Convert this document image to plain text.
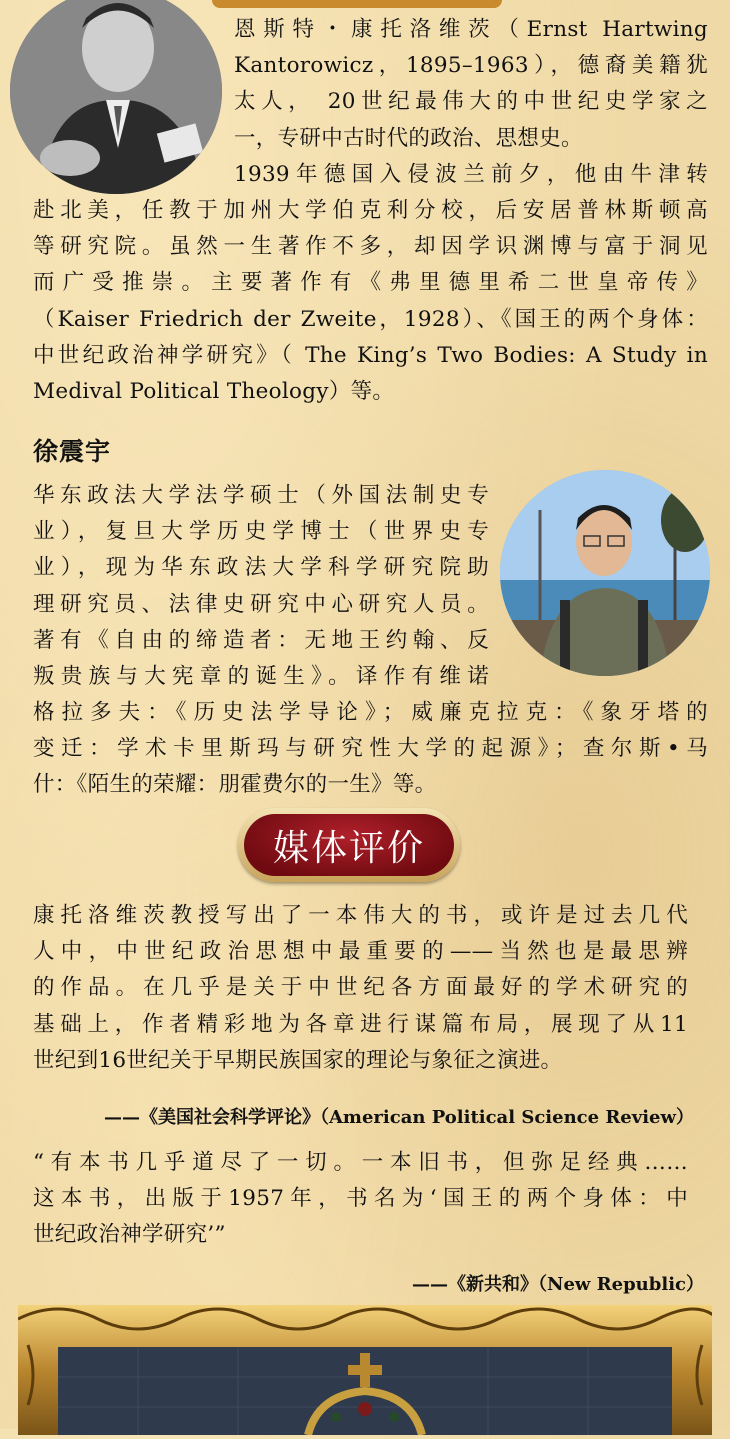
恩斯特・康托洛维茨（Ernst Hartwing
Kantorowicz，1895–1963），德裔美籍犹
太人， 20世纪最伟大的中世纪史学家之
一，专研中古时代的政治、思想史。
1939年德国入侵波兰前夕，他由牛津转
赴北美，任教于加州大学伯克利分校，后安居普林斯顿高
等研究院。虽然一生著作不多，却因学识渊博与富于洞见
而广受推崇。主要著作有《弗里德里希二世皇帝传》
（Kaiser Friedrich der Zweite，1928）、《国王的两个身体：
中世纪政治神学研究》（ The King’s Two Bodies: A Study in
Medival Political Theology）等。
徐震宇
华东政法大学法学硕士（外国法制史专
业），复旦大学历史学博士（世界史专
业），现为华东政法大学科学研究院助
理研究员、法律史研究中心研究人员。
著有《自由的缔造者：无地王约翰、反
叛贵族与大宪章的诞生》。译作有维诺
格拉多夫：《历史法学导论》；威廉克拉克：《象牙塔的
变迁：学术卡里斯玛与研究性大学的起源》；查尔斯•马
什：《陌生的荣耀：朋霍费尔的一生》等。
媒体评价
康托洛维茨教授写出了一本伟大的书，或许是过去几代
人中，中世纪政治思想中最重要的——当然也是最思辨
的作品。在几乎是关于中世纪各方面最好的学术研究的
基础上，作者精彩地为各章进行谋篇布局，展现了从11
世纪到16世纪关于早期民族国家的理论与象征之演进。

——《美国社会科学评论》（American Political Science Review）

“有本书几乎道尽了一切。一本旧书，但弥足经典……
这本书，出版于1957年，书名为‘国王的两个身体：中
世纪政治神学研究’”

——《新共和》（New Republic）
